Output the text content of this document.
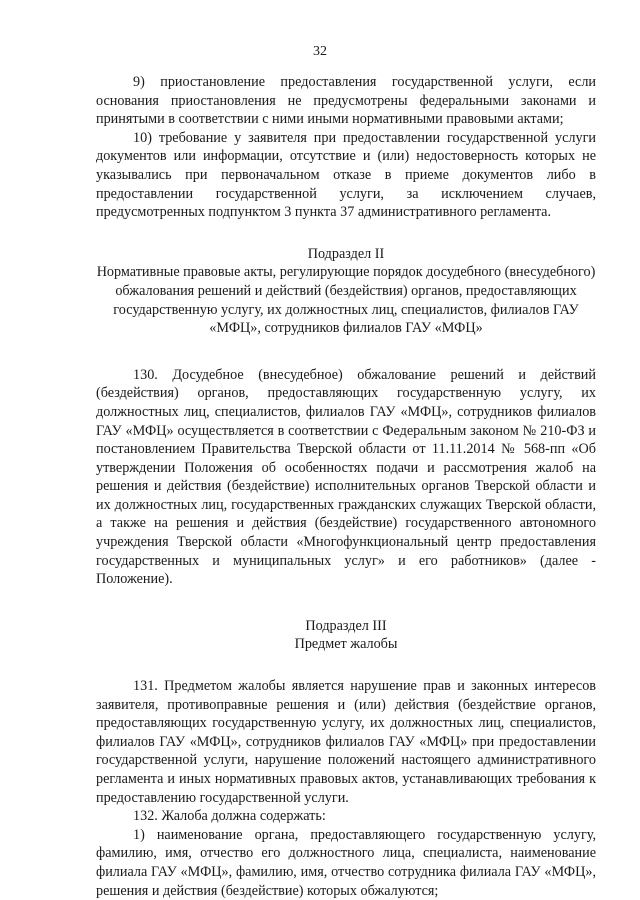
32

9) приостановление предоставления государственной услуги, если основания приостановления не предусмотрены федеральными законами и принятыми в соответствии с ними иными нормативными правовыми актами;

10) требование у заявителя при предоставлении государственной услуги документов или информации, отсутствие и (или) недостоверность которых не указывались при первоначальном отказе в приеме документов либо в предоставлении государственной услуги, за исключением случаев, предусмотренных подпунктом 3 пункта 37 административного регламента.

Подраздел II

Нормативные правовые акты, регулирующие порядок досудебного (внесудебного) обжалования решений и действий (бездействия) органов, предоставляющих государственную услугу, их должностных лиц, специалистов, филиалов ГАУ «МФЦ», сотрудников филиалов ГАУ «МФЦ»

130. Досудебное (внесудебное) обжалование решений и действий (бездействия) органов, предоставляющих государственную услугу, их должностных лиц, специалистов, филиалов ГАУ «МФЦ», сотрудников филиалов ГАУ «МФЦ» осуществляется в соответствии с Федеральным законом № 210-ФЗ и постановлением Правительства Тверской области от 11.11.2014 № 568-пп «Об утверждении Положения об особенностях подачи и рассмотрения жалоб на решения и действия (бездействие) исполнительных органов Тверской области и их должностных лиц, государственных гражданских служащих Тверской области, а также на решения и действия (бездействие) государственного автономного учреждения Тверской области «Многофункциональный центр предоставления государственных и муниципальных услуг» и его работников» (далее - Положение).

Подраздел III

Предмет жалобы

131. Предметом жалобы является нарушение прав и законных интересов заявителя, противоправные решения и (или) действия (бездействие органов, предоставляющих государственную услугу, их должностных лиц, специалистов, филиалов ГАУ «МФЦ», сотрудников филиалов ГАУ «МФЦ» при предоставлении государственной услуги, нарушение положений настоящего административного регламента и иных нормативных правовых актов, устанавливающих требования к предоставлению государственной услуги.

132. Жалоба должна содержать:

1) наименование органа, предоставляющего государственную услугу, фамилию, имя, отчество его должностного лица, специалиста, наименование филиала ГАУ «МФЦ», фамилию, имя, отчество сотрудника филиала ГАУ «МФЦ», решения и действия (бездействие) которых обжалуются;
